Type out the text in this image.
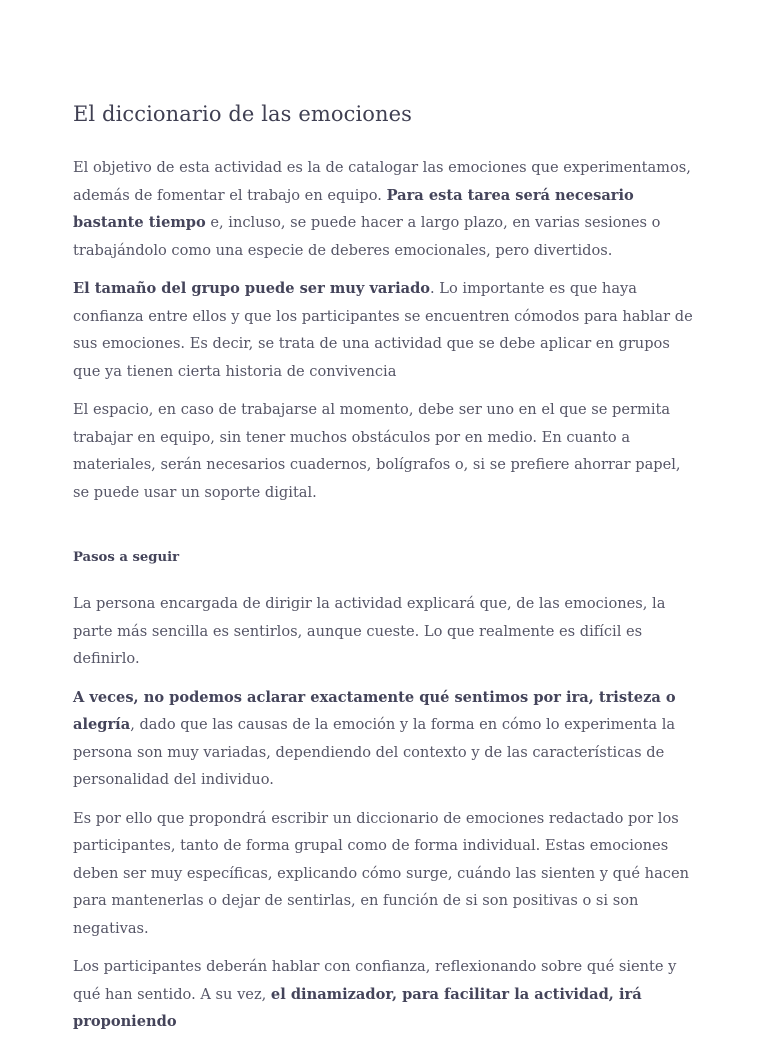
El diccionario de las emociones

El objetivo de esta actividad es la de catalogar las emociones que experimentamos, además de fomentar el trabajo en equipo. Para esta tarea será necesario bastante tiempo e, incluso, se puede hacer a largo plazo, en varias sesiones o trabajándolo como una especie de deberes emocionales, pero divertidos.

El tamaño del grupo puede ser muy variado. Lo importante es que haya confianza entre ellos y que los participantes se encuentren cómodos para hablar de sus emociones. Es decir, se trata de una actividad que se debe aplicar en grupos que ya tienen cierta historia de convivencia

El espacio, en caso de trabajarse al momento, debe ser uno en el que se permita trabajar en equipo, sin tener muchos obstáculos por en medio. En cuanto a materiales, serán necesarios cuadernos, bolígrafos o, si se prefiere ahorrar papel, se puede usar un soporte digital.

Pasos a seguir

La persona encargada de dirigir la actividad explicará que, de las emociones, la parte más sencilla es sentirlos, aunque cueste. Lo que realmente es difícil es definirlo.

A veces, no podemos aclarar exactamente qué sentimos por ira, tristeza o alegría, dado que las causas de la emoción y la forma en cómo lo experimenta la persona son muy variadas, dependiendo del contexto y de las características de personalidad del individuo.

Es por ello que propondrá escribir un diccionario de emociones redactado por los participantes, tanto de forma grupal como de forma individual. Estas emociones deben ser muy específicas, explicando cómo surge, cuándo las sienten y qué hacen para mantenerlas o dejar de sentirlas, en función de si son positivas o si son negativas.

Los participantes deberán hablar con confianza, reflexionando sobre qué siente y qué han sentido. A su vez, el dinamizador, para facilitar la actividad, irá proponiendo
